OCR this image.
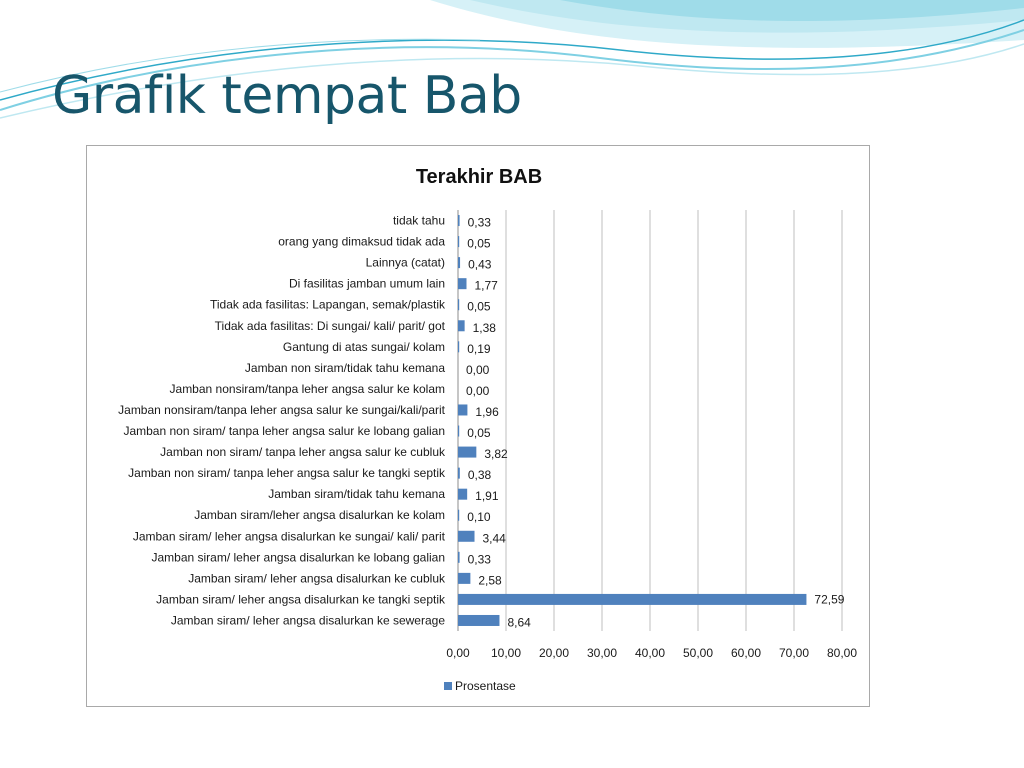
Grafik tempat Bab
Terakhir BAB
tidak tahu
orang yang dimaksud tidak ada
Lainnya (catat)
Di fasilitas jamban umum lain
Tidak ada fasilitas: Lapangan, semak/plastik
Tidak ada fasilitas: Di sungai/ kali/ parit/ got
Gantung di atas sungai/ kolam
Jamban non siram/tidak tahu kemana
Jamban nonsiram/tanpa leher angsa salur ke kolam
Jamban nonsiram/tanpa leher angsa salur ke sungai/kali/parit
Jamban non siram/ tanpa leher angsa salur ke lobang galian
Jamban non siram/ tanpa leher angsa salur ke cubluk
Jamban non siram/ tanpa leher angsa salur ke tangki septik
Jamban siram/tidak tahu kemana
Jamban siram/leher angsa disalurkan ke kolam
Jamban siram/ leher angsa disalurkan ke sungai/ kali/ parit
Jamban siram/ leher angsa disalurkan ke lobang galian
Jamban siram/ leher angsa disalurkan ke cubluk
Jamban siram/ leher angsa disalurkan ke tangki septik
Jamban siram/ leher angsa disalurkan ke sewerage
0,33
0,05
0,43
1,77
0,05
1,38
0,19
0,00
0,00
1,96
0,05
3,82
0,38
1,91
0,10
3,44
0,33
2,58
72,59
8,64
0,00 10,00 20,00 30,00 40,00 50,00 60,00 70,00 80,00
Prosentase
